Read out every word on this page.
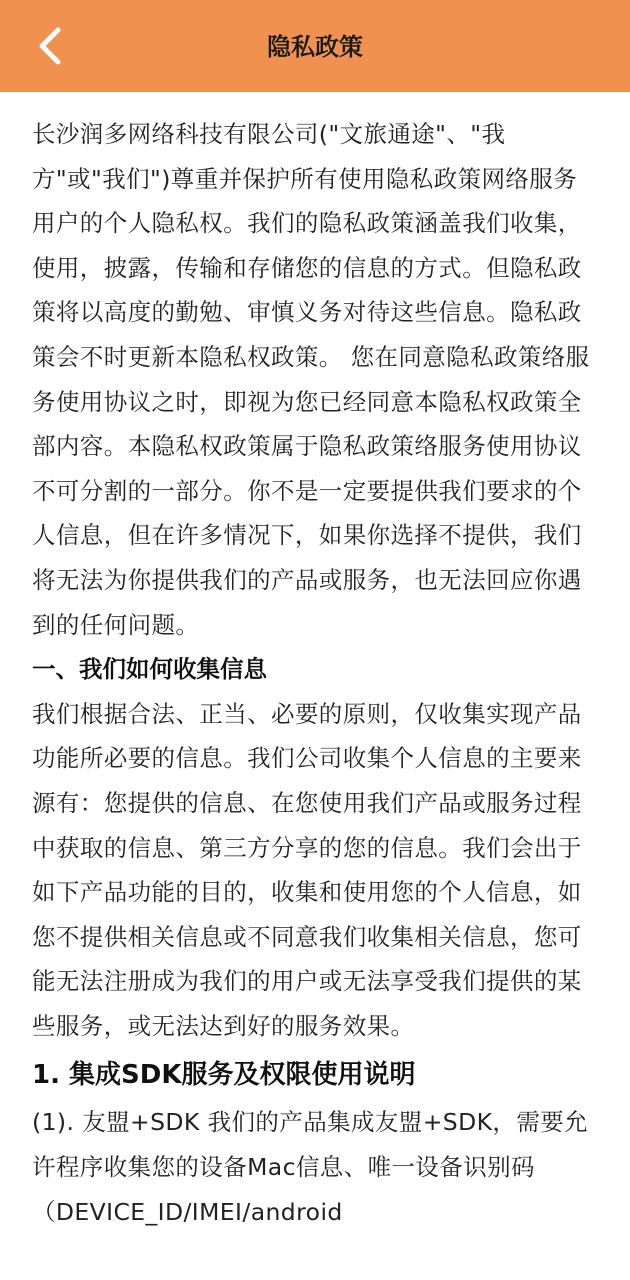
隐私政策

长沙润多网络科技有限公司("文旅通途"、"我方"或"我们")尊重并保护所有使用隐私政策网络服务用户的个人隐私权。我们的隐私政策涵盖我们收集，使用，披露，传输和存储您的信息的方式。但隐私政策将以高度的勤勉、审慎义务对待这些信息。隐私政策会不时更新本隐私权政策。 您在同意隐私政策络服务使用协议之时，即视为您已经同意本隐私权政策全部内容。本隐私权政策属于隐私政策络服务使用协议不可分割的一部分。你不是一定要提供我们要求的个人信息，但在许多情况下，如果你选择不提供，我们将无法为你提供我们的产品或服务，也无法回应你遇到的任何问题。

一、我们如何收集信息

我们根据合法、正当、必要的原则，仅收集实现产品功能所必要的信息。我们公司收集个人信息的主要来源有：您提供的信息、在您使用我们产品或服务过程中获取的信息、第三方分享的您的信息。我们会出于如下产品功能的目的，收集和使用您的个人信息，如您不提供相关信息或不同意我们收集相关信息，您可能无法注册成为我们的用户或无法享受我们提供的某些服务，或无法达到好的服务效果。

1. 集成SDK服务及权限使用说明

(1). 友盟+SDK 我们的产品集成友盟+SDK，需要允许程序收集您的设备Mac信息、唯一设备识别码（DEVICE_ID/IMEI/android
